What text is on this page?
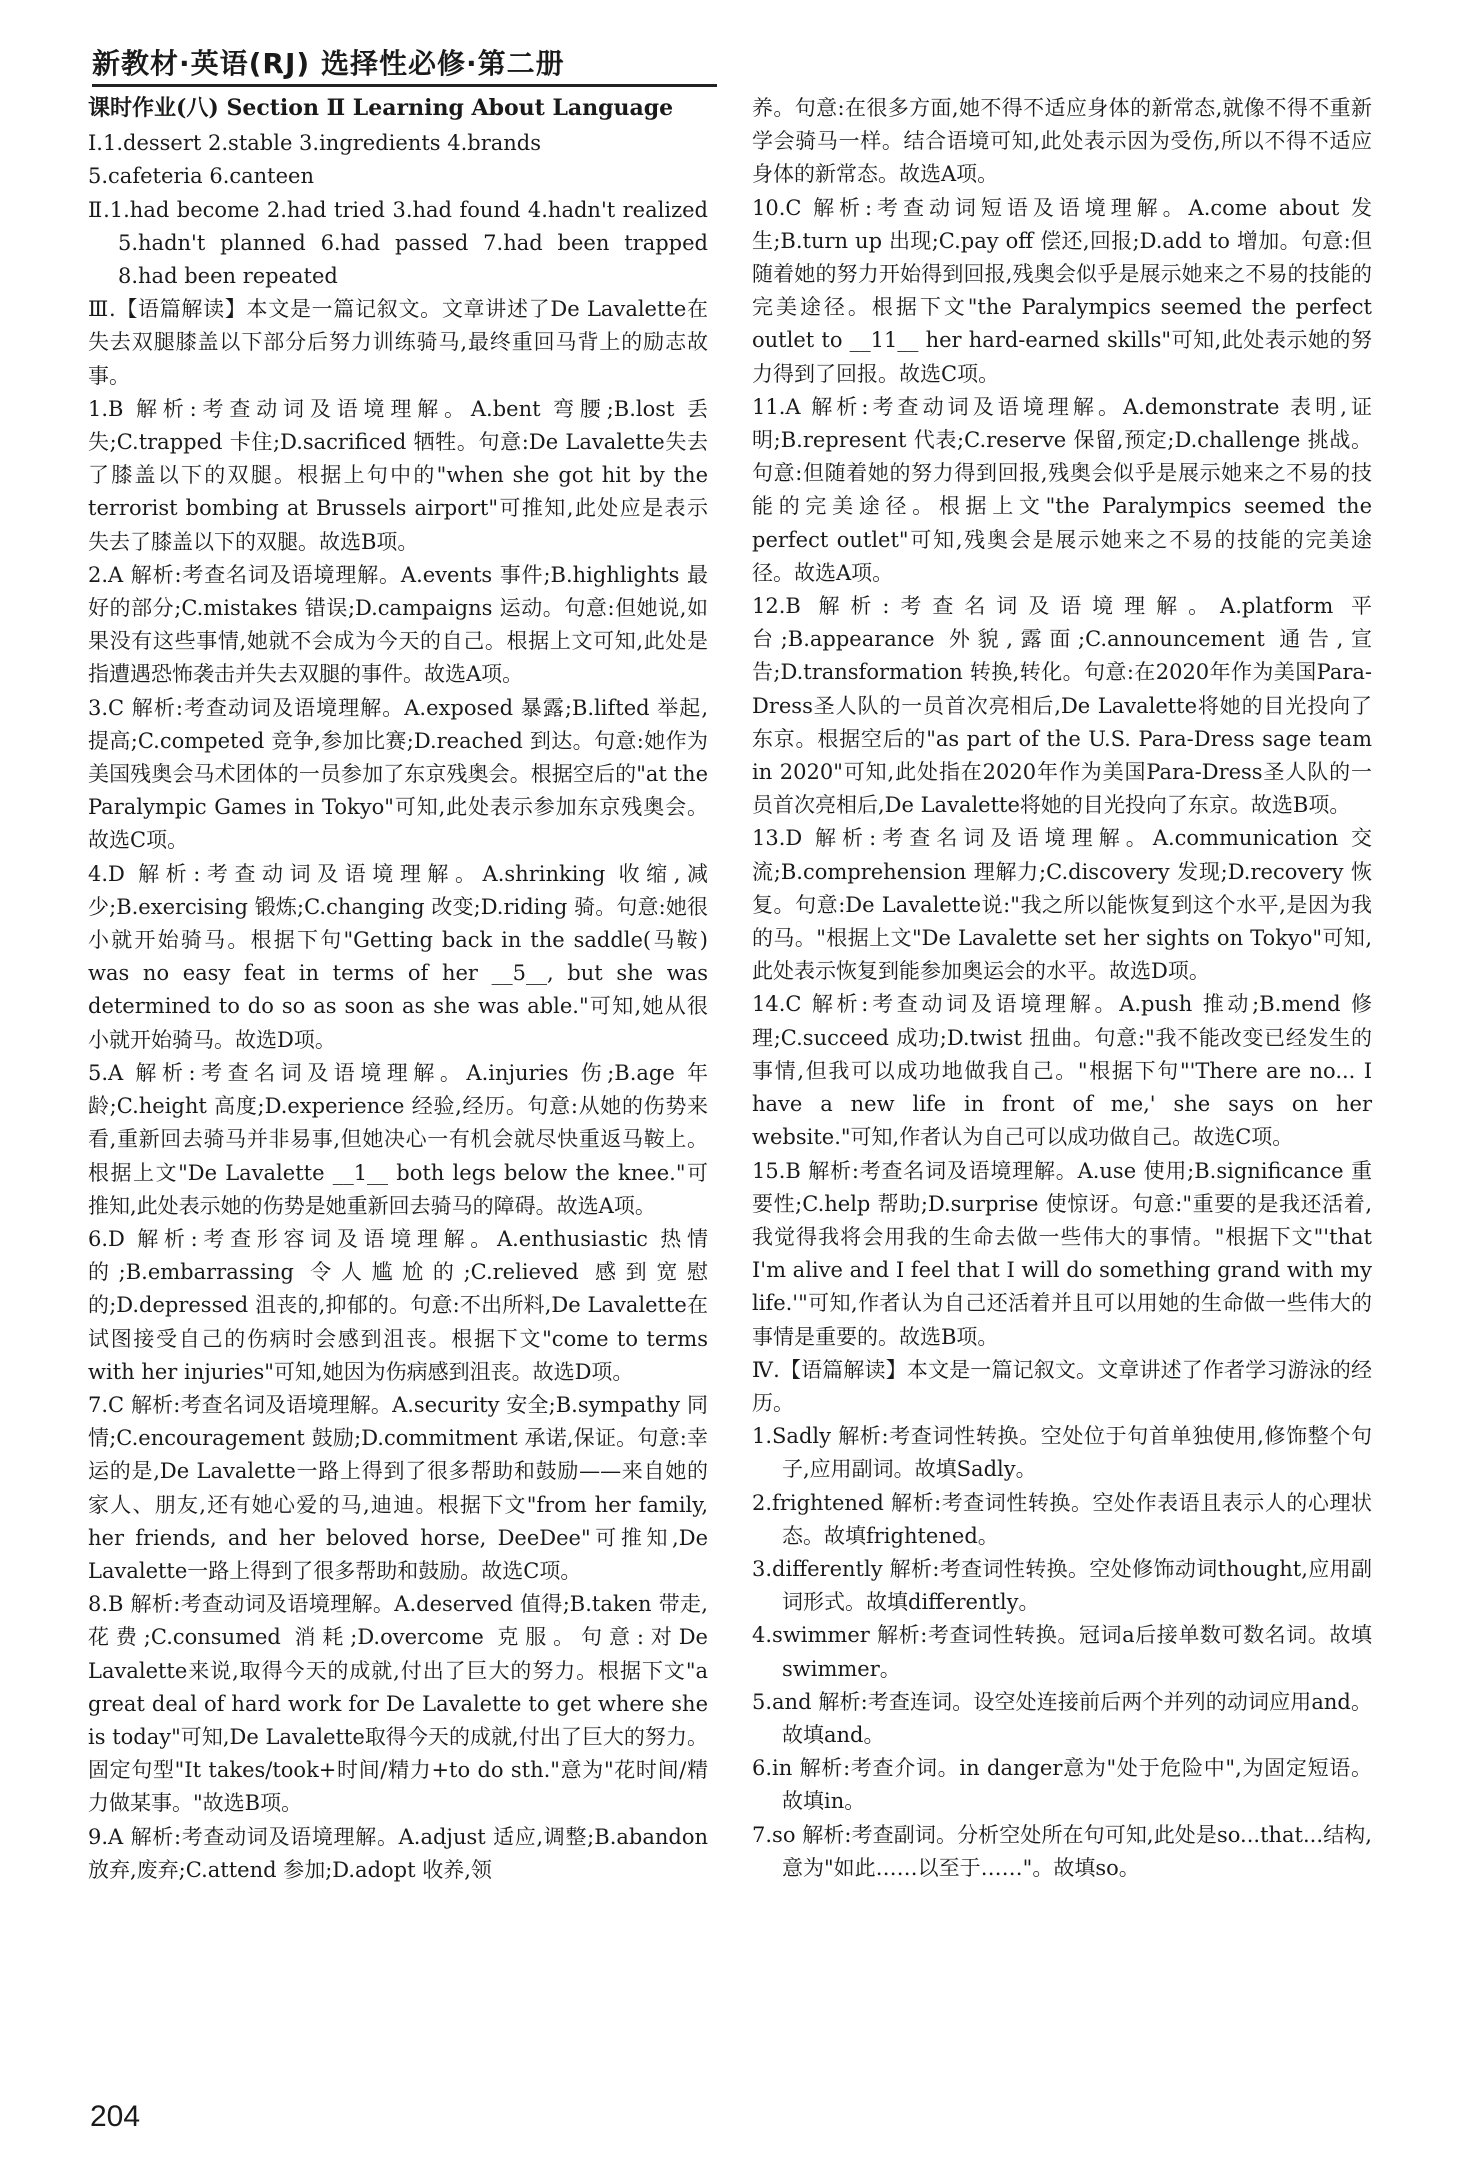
新教材·英语(RJ) 选择性必修·第二册

课时作业(八) Section Ⅱ Learning About Language

Ⅰ.1.dessert 2.stable 3.ingredients 4.brands

5.cafeteria 6.canteen

Ⅱ.1.had become 2.had tried 3.had found 4.hadn't realized 5.hadn't planned 6.had passed 7.had been trapped 8.had been repeated

Ⅲ.【语篇解读】本文是一篇记叙文。文章讲述了De Lavalette在失去双腿膝盖以下部分后努力训练骑马,最终重回马背上的励志故事。

1.B 解析:考查动词及语境理解。A.bent 弯腰;B.lost 丢失;C.trapped 卡住;D.sacrificed 牺牲。句意:De Lavalette失去了膝盖以下的双腿。根据上句中的"when she got hit by the terrorist bombing at Brussels airport"可推知,此处应是表示失去了膝盖以下的双腿。故选B项。

2.A 解析:考查名词及语境理解。A.events 事件;B.highlights 最好的部分;C.mistakes 错误;D.campaigns 运动。句意:但她说,如果没有这些事情,她就不会成为今天的自己。根据上文可知,此处是指遭遇恐怖袭击并失去双腿的事件。故选A项。

3.C 解析:考查动词及语境理解。A.exposed 暴露;B.lifted 举起,提高;C.competed 竞争,参加比赛;D.reached 到达。句意:她作为美国残奥会马术团体的一员参加了东京残奥会。根据空后的"at the Paralympic Games in Tokyo"可知,此处表示参加东京残奥会。故选C项。

4.D 解析:考查动词及语境理解。A.shrinking 收缩,减少;B.exercising 锻炼;C.changing 改变;D.riding 骑。句意:她很小就开始骑马。根据下句"Getting back in the saddle(马鞍) was no easy feat in terms of her __5__, but she was determined to do so as soon as she was able."可知,她从很小就开始骑马。故选D项。

5.A 解析:考查名词及语境理解。A.injuries 伤;B.age 年龄;C.height 高度;D.experience 经验,经历。句意:从她的伤势来看,重新回去骑马并非易事,但她决心一有机会就尽快重返马鞍上。根据上文"De Lavalette __1__ both legs below the knee."可推知,此处表示她的伤势是她重新回去骑马的障碍。故选A项。

6.D 解析:考查形容词及语境理解。A.enthusiastic 热情的;B.embarrassing 令人尴尬的;C.relieved 感到宽慰的;D.depressed 沮丧的,抑郁的。句意:不出所料,De Lavalette在试图接受自己的伤病时会感到沮丧。根据下文"come to terms with her injuries"可知,她因为伤病感到沮丧。故选D项。

7.C 解析:考查名词及语境理解。A.security 安全;B.sympathy 同情;C.encouragement 鼓励;D.commitment 承诺,保证。句意:幸运的是,De Lavalette一路上得到了很多帮助和鼓励——来自她的家人、朋友,还有她心爱的马,迪迪。根据下文"from her family, her friends, and her beloved horse, DeeDee"可推知,De Lavalette一路上得到了很多帮助和鼓励。故选C项。

8.B 解析:考查动词及语境理解。A.deserved 值得;B.taken 带走,花费;C.consumed 消耗;D.overcome 克服。句意:对De Lavalette来说,取得今天的成就,付出了巨大的努力。根据下文"a great deal of hard work for De Lavalette to get where she is today"可知,De Lavalette取得今天的成就,付出了巨大的努力。固定句型"It takes/took+时间/精力+to do sth."意为"花时间/精力做某事。"故选B项。

9.A 解析:考查动词及语境理解。A.adjust 适应,调整;B.abandon 放弃,废弃;C.attend 参加;D.adopt 收养,领

养。句意:在很多方面,她不得不适应身体的新常态,就像不得不重新学会骑马一样。结合语境可知,此处表示因为受伤,所以不得不适应身体的新常态。故选A项。

10.C 解析:考查动词短语及语境理解。A.come about 发生;B.turn up 出现;C.pay off 偿还,回报;D.add to 增加。句意:但随着她的努力开始得到回报,残奥会似乎是展示她来之不易的技能的完美途径。根据下文"the Paralympics seemed the perfect outlet to __11__ her hard-earned skills"可知,此处表示她的努力得到了回报。故选C项。

11.A 解析:考查动词及语境理解。A.demonstrate 表明,证明;B.represent 代表;C.reserve 保留,预定;D.challenge 挑战。句意:但随着她的努力得到回报,残奥会似乎是展示她来之不易的技能的完美途径。根据上文"the Paralympics seemed the perfect outlet"可知,残奥会是展示她来之不易的技能的完美途径。故选A项。

12.B 解析:考查名词及语境理解。A.platform 平台;B.appearance 外貌,露面;C.announcement 通告,宣告;D.transformation 转换,转化。句意:在2020年作为美国Para-Dress圣人队的一员首次亮相后,De Lavalette将她的目光投向了东京。根据空后的"as part of the U.S. Para-Dress sage team in 2020"可知,此处指在2020年作为美国Para-Dress圣人队的一员首次亮相后,De Lavalette将她的目光投向了东京。故选B项。

13.D 解析:考查名词及语境理解。A.communication 交流;B.comprehension 理解力;C.discovery 发现;D.recovery 恢复。句意:De Lavalette说:"我之所以能恢复到这个水平,是因为我的马。"根据上文"De Lavalette set her sights on Tokyo"可知,此处表示恢复到能参加奥运会的水平。故选D项。

14.C 解析:考查动词及语境理解。A.push 推动;B.mend 修理;C.succeed 成功;D.twist 扭曲。句意:"我不能改变已经发生的事情,但我可以成功地做我自己。"根据下句"'There are no... I have a new life in front of me,' she says on her website."可知,作者认为自己可以成功做自己。故选C项。

15.B 解析:考查名词及语境理解。A.use 使用;B.significance 重要性;C.help 帮助;D.surprise 使惊讶。句意:"重要的是我还活着,我觉得我将会用我的生命去做一些伟大的事情。"根据下文"'that I'm alive and I feel that I will do something grand with my life.'"可知,作者认为自己还活着并且可以用她的生命做一些伟大的事情是重要的。故选B项。

Ⅳ.【语篇解读】本文是一篇记叙文。文章讲述了作者学习游泳的经历。

1.Sadly 解析:考查词性转换。空处位于句首单独使用,修饰整个句子,应用副词。故填Sadly。

2.frightened 解析:考查词性转换。空处作表语且表示人的心理状态。故填frightened。

3.differently 解析:考查词性转换。空处修饰动词thought,应用副词形式。故填differently。

4.swimmer 解析:考查词性转换。冠词a后接单数可数名词。故填swimmer。

5.and 解析:考查连词。设空处连接前后两个并列的动词应用and。故填and。

6.in 解析:考查介词。in danger意为"处于危险中",为固定短语。故填in。

7.so 解析:考查副词。分析空处所在句可知,此处是so...that...结构,意为"如此……以至于……"。故填so。

204
